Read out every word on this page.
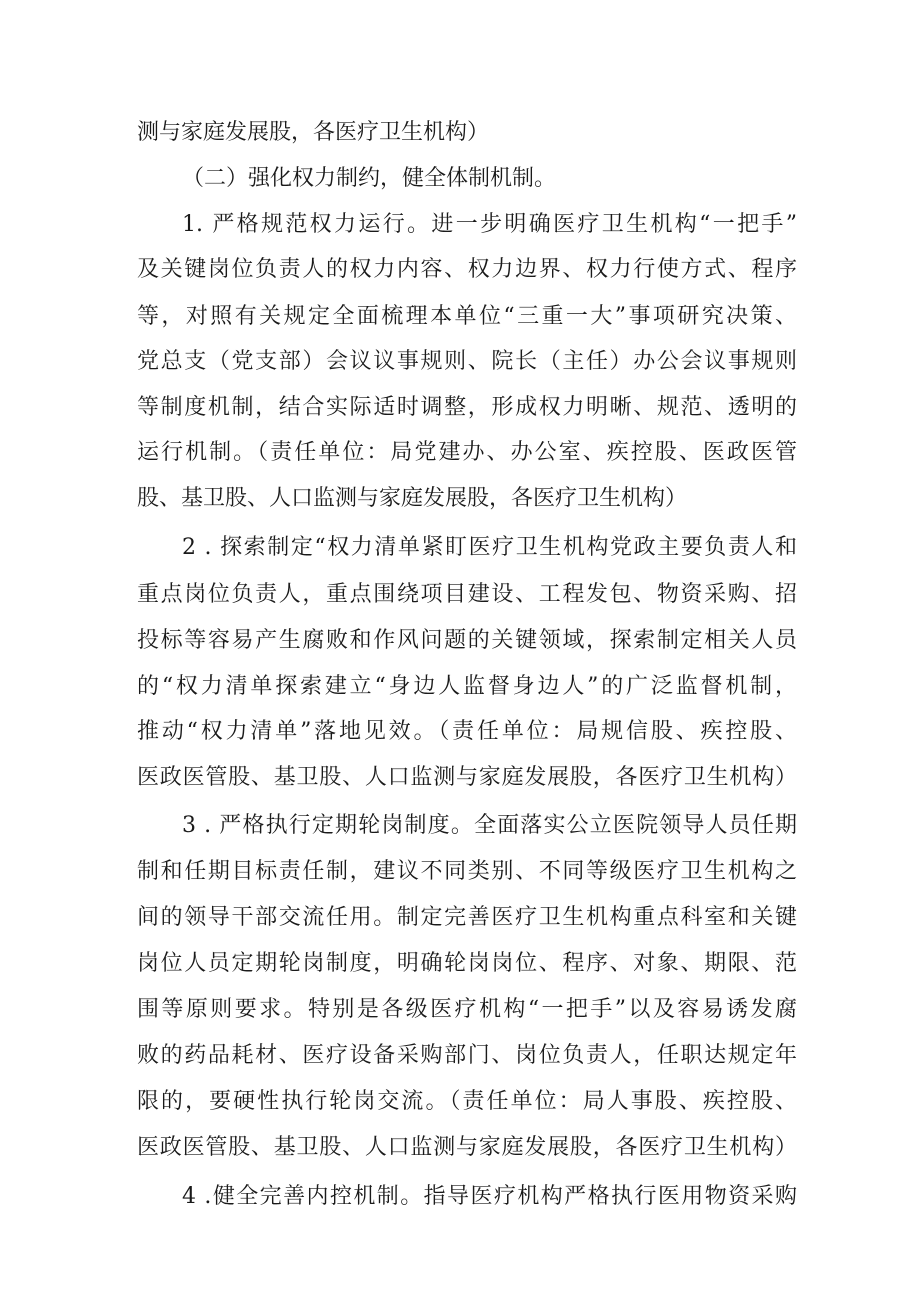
测与家庭发展股，各医疗卫生机构）
（二）强化权力制约，健全体制机制。
1. 严格规范权力运行。进一步明确医疗卫生机构“一把手”
及关键岗位负责人的权力内容、权力边界、权力行使方式、程序
等，对照有关规定全面梳理本单位“三重一大”事项研究决策、
党总支（党支部）会议议事规则、院长（主任）办公会议事规则
等制度机制，结合实际适时调整，形成权力明晰、规范、透明的
运行机制。（责任单位：局党建办、办公室、疾控股、医政医管
股、基卫股、人口监测与家庭发展股，各医疗卫生机构）
2 . 探索制定“权力清单紧盯医疗卫生机构党政主要负责人和
重点岗位负责人，重点围绕项目建设、工程发包、物资采购、招
投标等容易产生腐败和作风问题的关键领域，探索制定相关人员
的“权力清单探索建立“身边人监督身边人”的广泛监督机制，
推动“权力清单”落地见效。（责任单位：局规信股、疾控股、
医政医管股、基卫股、人口监测与家庭发展股，各医疗卫生机构）
3 . 严格执行定期轮岗制度。全面落实公立医院领导人员任期
制和任期目标责任制，建议不同类别、不同等级医疗卫生机构之
间的领导干部交流任用。制定完善医疗卫生机构重点科室和关键
岗位人员定期轮岗制度，明确轮岗岗位、程序、对象、期限、范
围等原则要求。特别是各级医疗机构“一把手”以及容易诱发腐
败的药品耗材、医疗设备采购部门、岗位负责人，任职达规定年
限的，要硬性执行轮岗交流。（责任单位：局人事股、疾控股、
医政医管股、基卫股、人口监测与家庭发展股，各医疗卫生机构）
4 .健全完善内控机制。指导医疗机构严格执行医用物资采购
